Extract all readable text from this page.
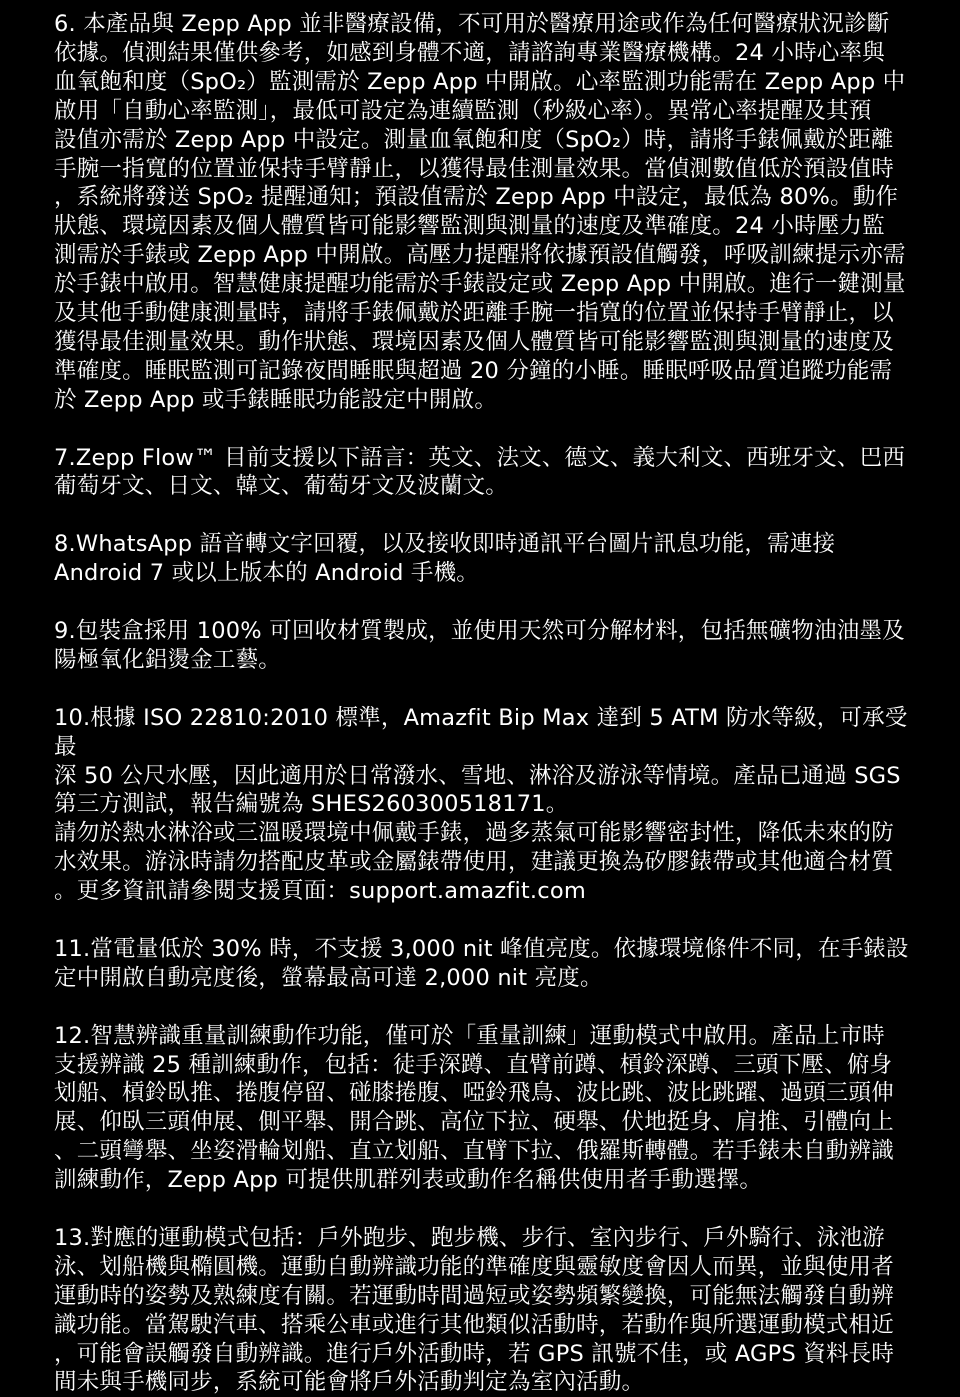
6. 本產品與 Zepp App 並非醫療設備，不可用於醫療用途或作為任何醫療狀況診斷
依據。偵測結果僅供參考，如感到身體不適，請諮詢專業醫療機構。24 小時心率與
血氧飽和度（SpO₂）監測需於 Zepp App 中開啟。心率監測功能需在 Zepp App 中
啟用「自動心率監測」，最低可設定為連續監測（秒級心率）。異常心率提醒及其預
設值亦需於 Zepp App 中設定。測量血氧飽和度（SpO₂）時，請將手錶佩戴於距離
手腕一指寬的位置並保持手臂靜止，以獲得最佳測量效果。當偵測數值低於預設值時
，系統將發送 SpO₂ 提醒通知；預設值需於 Zepp App 中設定，最低為 80%。動作
狀態、環境因素及個人體質皆可能影響監測與測量的速度及準確度。24 小時壓力監
測需於手錶或 Zepp App 中開啟。高壓力提醒將依據預設值觸發，呼吸訓練提示亦需
於手錶中啟用。智慧健康提醒功能需於手錶設定或 Zepp App 中開啟。進行一鍵測量
及其他手動健康測量時，請將手錶佩戴於距離手腕一指寬的位置並保持手臂靜止，以
獲得最佳測量效果。動作狀態、環境因素及個人體質皆可能影響監測與測量的速度及
準確度。睡眠監測可記錄夜間睡眠與超過 20 分鐘的小睡。睡眠呼吸品質追蹤功能需
於 Zepp App 或手錶睡眠功能設定中開啟。

7.Zepp Flow™ 目前支援以下語言：英文、法文、德文、義大利文、西班牙文、巴西
葡萄牙文、日文、韓文、葡萄牙文及波蘭文。

8.WhatsApp 語音轉文字回覆，以及接收即時通訊平台圖片訊息功能，需連接
Android 7 或以上版本的 Android 手機。

9.包裝盒採用 100% 可回收材質製成，並使用天然可分解材料，包括無礦物油油墨及
陽極氧化鋁燙金工藝。

10.根據 ISO 22810:2010 標準，Amazfit Bip Max 達到 5 ATM 防水等級，可承受最
深 50 公尺水壓，因此適用於日常潑水、雪地、淋浴及游泳等情境。產品已通過 SGS
第三方測試，報告編號為 SHES260300518171。
請勿於熱水淋浴或三溫暖環境中佩戴手錶，過多蒸氣可能影響密封性，降低未來的防
水效果。游泳時請勿搭配皮革或金屬錶帶使用，建議更換為矽膠錶帶或其他適合材質
。更多資訊請參閱支援頁面：support.amazfit.com

11.當電量低於 30% 時，不支援 3,000 nit 峰值亮度。依據環境條件不同，在手錶設
定中開啟自動亮度後，螢幕最高可達 2,000 nit 亮度。

12.智慧辨識重量訓練動作功能，僅可於「重量訓練」運動模式中啟用。產品上市時
支援辨識 25 種訓練動作，包括：徒手深蹲、直臂前蹲、槓鈴深蹲、三頭下壓、俯身
划船、槓鈴臥推、捲腹停留、碰膝捲腹、啞鈴飛鳥、波比跳、波比跳躍、過頭三頭伸
展、仰臥三頭伸展、側平舉、開合跳、高位下拉、硬舉、伏地挺身、肩推、引體向上
、二頭彎舉、坐姿滑輪划船、直立划船、直臂下拉、俄羅斯轉體。若手錶未自動辨識
訓練動作，Zepp App 可提供肌群列表或動作名稱供使用者手動選擇。

13.對應的運動模式包括：戶外跑步、跑步機、步行、室內步行、戶外騎行、泳池游
泳、划船機與橢圓機。運動自動辨識功能的準確度與靈敏度會因人而異，並與使用者
運動時的姿勢及熟練度有關。若運動時間過短或姿勢頻繁變換，可能無法觸發自動辨
識功能。當駕駛汽車、搭乘公車或進行其他類似活動時，若動作與所選運動模式相近
，可能會誤觸發自動辨識。進行戶外活動時，若 GPS 訊號不佳，或 AGPS 資料長時
間未與手機同步，系統可能會將戶外活動判定為室內活動。
